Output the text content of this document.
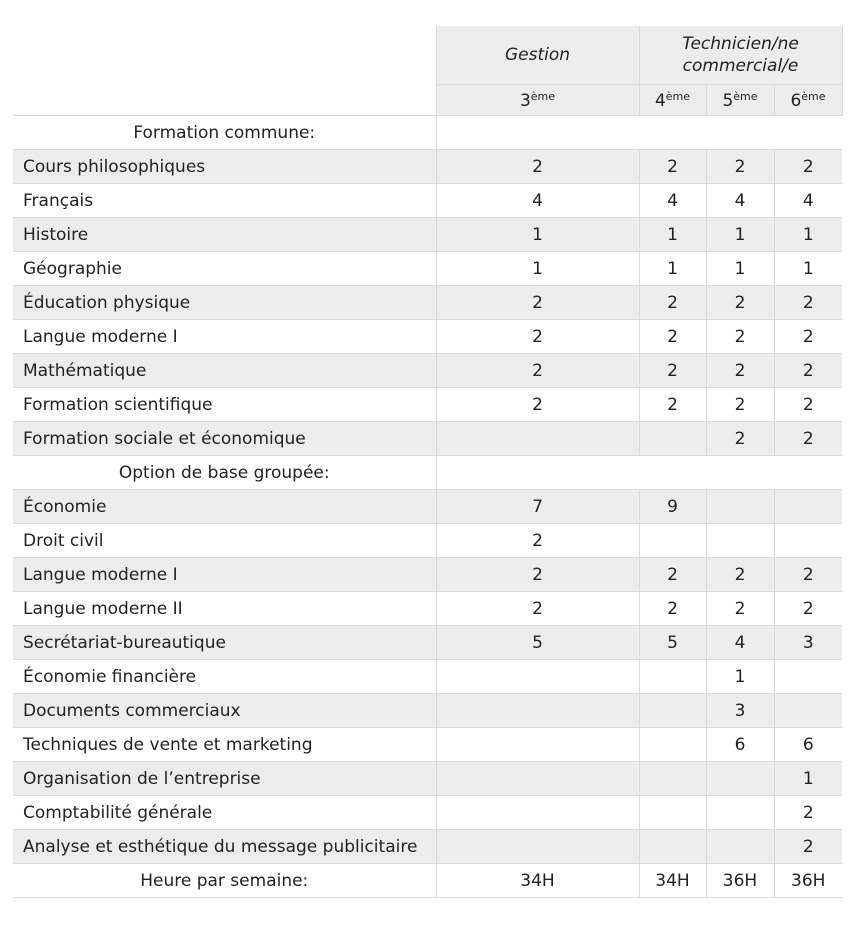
	Gestion	Technicien/ne commercial/e		
	3ème	4ème	5ème	6ème
Formation commune:				
Cours philosophiques	2	2	2	2
Français	4	4	4	4
Histoire	1	1	1	1
Géographie	1	1	1	1
Éducation physique	2	2	2	2
Langue moderne I	2	2	2	2
Mathématique	2	2	2	2
Formation scientifique	2	2	2	2
Formation sociale et économique			2	2
Option de base groupée:				
Économie	7	9		
Droit civil	2			
Langue moderne I	2	2	2	2
Langue moderne II	2	2	2	2
Secrétariat-bureautique	5	5	4	3
Économie financière			1	
Documents commerciaux			3	
Techniques de vente et marketing			6	6
Organisation de l’entreprise				1
Comptabilité générale				2
Analyse et esthétique du message publicitaire				2
Heure par semaine:	34H	34H	36H	36H
